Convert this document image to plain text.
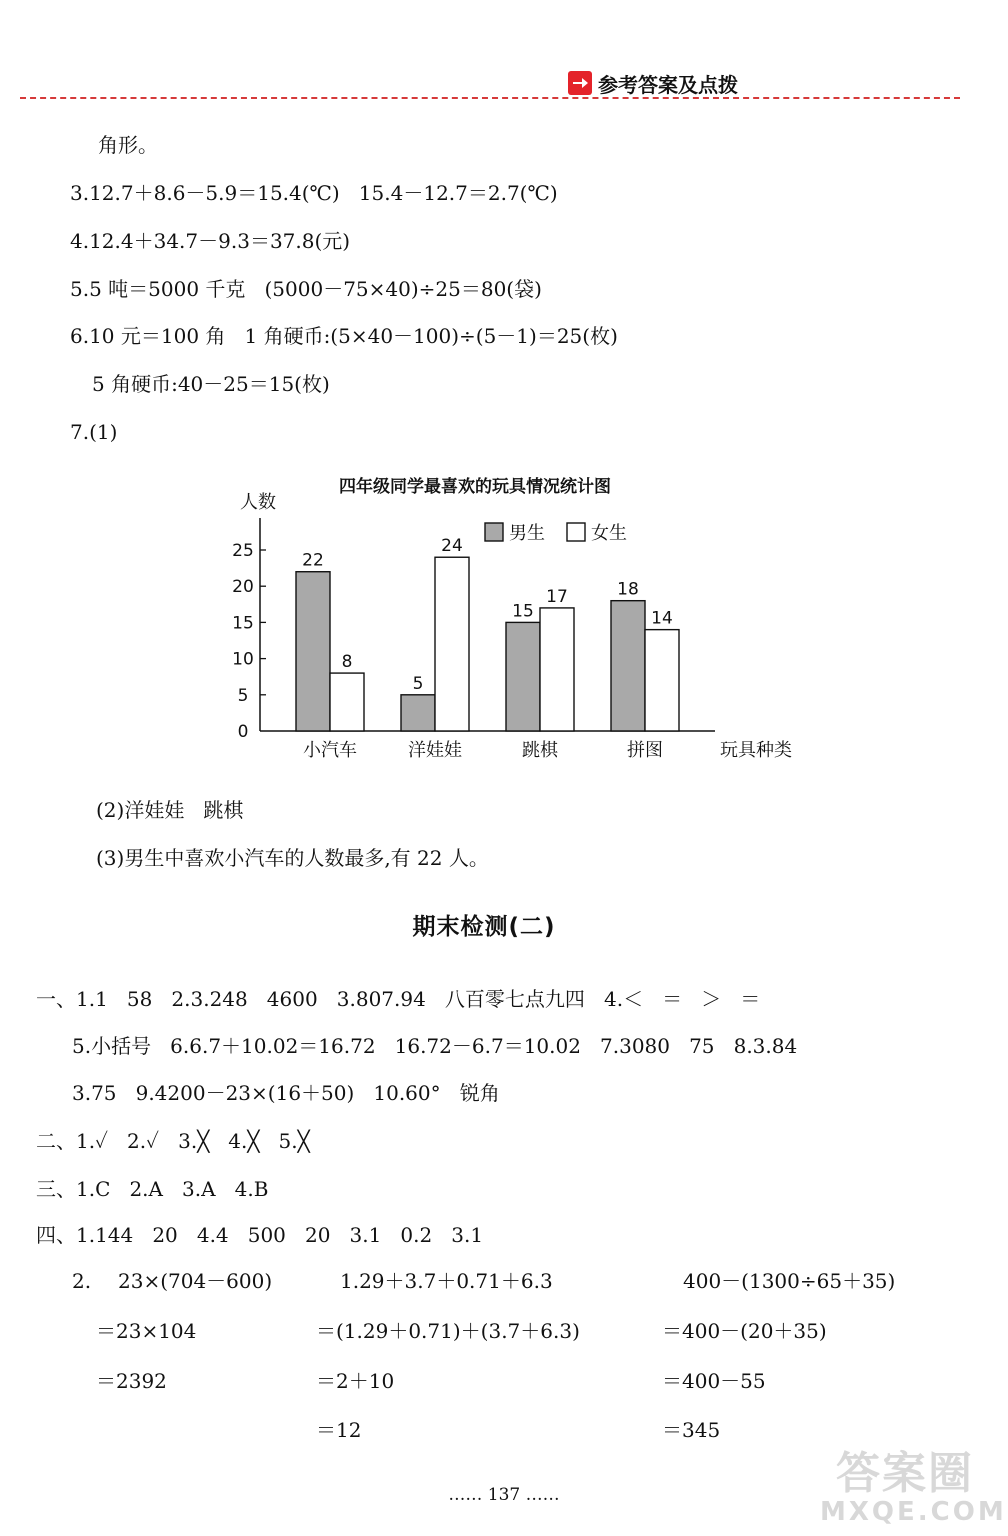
参考答案及点拨
角形。
3.12.7＋8.6－5.9＝15.4(℃)   15.4－12.7＝2.7(℃)
4.12.4＋34.7－9.3＝37.8(元)
5.5 吨＝5000 千克   (5000－75×40)÷25＝80(袋)
6.10 元＝100 角   1 角硬币:(5×40－100)÷(5－1)＝25(枚)
5 角硬币:40－25＝15(枚)
7.(1)
四年级同学最喜欢的玩具情况统计图
人数
玩具种类
0
5
10
15
20
25	22
8
小汽车
5
24
洋娃娃
15
17
跳棋
18
14
拼图
男生	女生
(2)洋娃娃   跳棋
(3)男生中喜欢小汽车的人数最多,有 22 人。
期末检测(二)
一、1.1   58   2.3.248   4600   3.807.94   八百零七点九四   4.＜   ＝   ＞   ＝
5.小括号   6.6.7＋10.02＝16.72   16.72－6.7＝10.02   7.3080   75   8.3.84
3.75   9.4200－23×(16＋50)   10.60°   锐角
二、1.✓   2.✓   3.╳   4.╳   5.╳
三、1.C   2.A   3.A   4.B
四、1.144   20   4.4   500   20   3.1   0.2   3.1
2. 23×(704－600)
＝23×104
＝2392
1.29＋3.7＋0.71＋6.3
＝(1.29＋0.71)＋(3.7＋6.3)
＝2＋10
＝12
400－(1300÷65＋35)
＝400－(20＋35)
＝400－55
＝345
…… 137 ……	答案圈
MXQE.COM
